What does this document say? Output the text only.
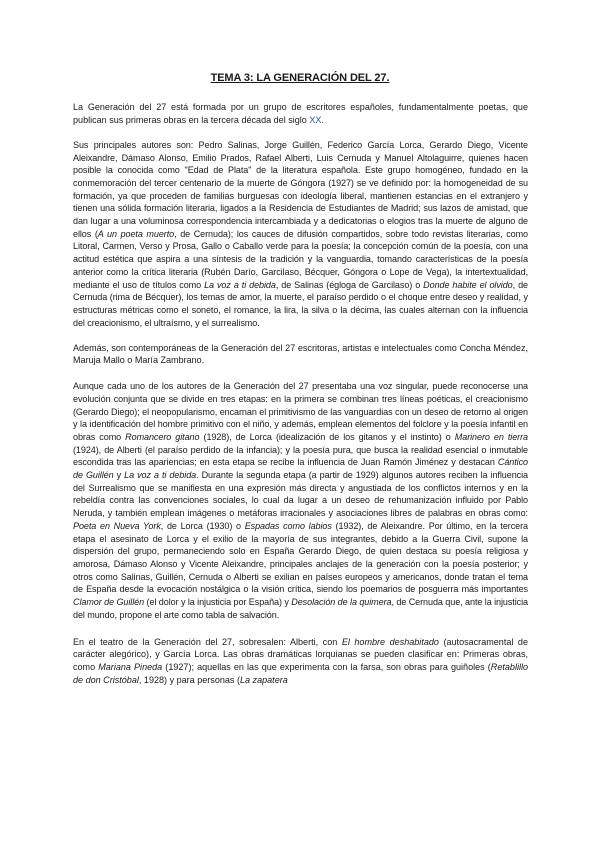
TEMA 3: LA GENERACIÓN DEL 27.

La Generación del 27 está formada por un grupo de escritores españoles, fundamentalmente poetas, que publican sus primeras obras en la tercera década del siglo XX.

Sus principales autores son: Pedro Salinas, Jorge Guillén, Federico García Lorca, Gerardo Diego, Vicente Aleixandre, Dámaso Alonso, Emilio Prados, Rafael Alberti, Luis Cernuda y Manuel Altolaguirre, quienes hacen posible la conocida como "Edad de Plata" de la literatura española. Este grupo homogéneo, fundado en la conmemoración del tercer centenario de la muerte de Góngora (1927) se ve definido por: la homogeneidad de su formación, ya que proceden de familias burguesas con ideología liberal, mantienen estancias en el extranjero y tienen una sólida formación literaria, ligados a la Residencia de Estudiantes de Madrid; sus lazos de amistad, que dan lugar a una voluminosa correspondencia intercambiada y a dedicatorias o elogios tras la muerte de alguno de ellos (A un poeta muerto, de Cernuda); los cauces de difusión compartidos, sobre todo revistas literarias, como Litoral, Carmen, Verso y Prosa, Gallo o Caballo verde para la poesía; la concepción común de la poesía, con una actitud estética que aspira a una síntesis de la tradición y la vanguardia, tomando características de la poesía anterior como la crítica literaria (Rubén Darío, Garcilaso, Bécquer, Góngora o Lope de Vega), la intertextualidad, mediante el uso de títulos como La voz a ti debida, de Salinas (égloga de Garcilaso) o Donde habite el olvido, de Cernuda (rima de Bécquer), los temas de amor, la muerte, el paraíso perdido o el choque entre deseo y realidad, y estructuras métricas como el soneto, el romance, la lira, la silva o la décima, las cuales alternan con la influencia del creacionismo, el ultraísmo, y el surrealismo.

Además, son contemporáneas de la Generación del 27 escritoras, artistas e intelectuales como Concha Méndez, Maruja Mallo o María Zambrano.

Aunque cada uno de los autores de la Generación del 27 presentaba una voz singular, puede reconocerse una evolución conjunta que se divide en tres etapas: en la primera se combinan tres líneas poéticas, el creacionismo (Gerardo Diego); el neopopularismo, encarnan el primitivismo de las vanguardias con un deseo de retorno al origen y la identificación del hombre primitivo con el niño, y además, emplean elementos del folclore y la poesía infantil en obras como Romancero gitano (1928), de Lorca (idealización de los gitanos y el instinto) o Marinero en tierra (1924), de Alberti (el paraíso perdido de la infancia); y la poesía pura, que busca la realidad esencial o inmutable escondida tras las apariencias; en esta etapa se recibe la influencia de Juan Ramón Jiménez y destacan Cántico de Guillén y La voz a ti debida. Durante la segunda etapa (a partir de 1929) algunos autores reciben la influencia del Surrealismo que se manifiesta en una expresión más directa y angustiada de los conflictos internos y en la rebeldía contra las convenciones sociales, lo cual da lugar a un deseo de rehumanización influido por Pablo Neruda, y también emplean imágenes o metáforas irracionales y asociaciones libres de palabras en obras como: Poeta en Nueva York, de Lorca (1930) o Espadas como labios (1932), de Aleixandre. Por último, en la tercera etapa el asesinato de Lorca y el exilio de la mayoría de sus integrantes, debido a la Guerra Civil, supone la dispersión del grupo, permaneciendo solo en España Gerardo Diego, de quien destaca su poesía religiosa y amorosa, Dámaso Alonso y Vicente Aleixandre, principales anclajes de la generación con la poesía posterior; y otros como Salinas, Guillén, Cernuda o Alberti se exilian en países europeos y americanos, donde tratan el tema de España desde la evocación nostálgica o la visión crítica, siendo los poemarios de posguerra más importantes Clamor de Guillén (el dolor y la injusticia por España) y Desolación de la quimera, de Cernuda que, ante la injusticia del mundo, propone el arte como tabla de salvación.

En el teatro de la Generación del 27, sobresalen: Alberti, con El hombre deshabitado (autosacramental de carácter alegórico), y García Lorca. Las obras dramáticas lorquianas se pueden clasificar en: Primeras obras, como Mariana Pineda (1927); aquellas en las que experimenta con la farsa, son obras para guiñoles (Retablillo de don Cristóbal, 1928) y para personas (La zapatera
